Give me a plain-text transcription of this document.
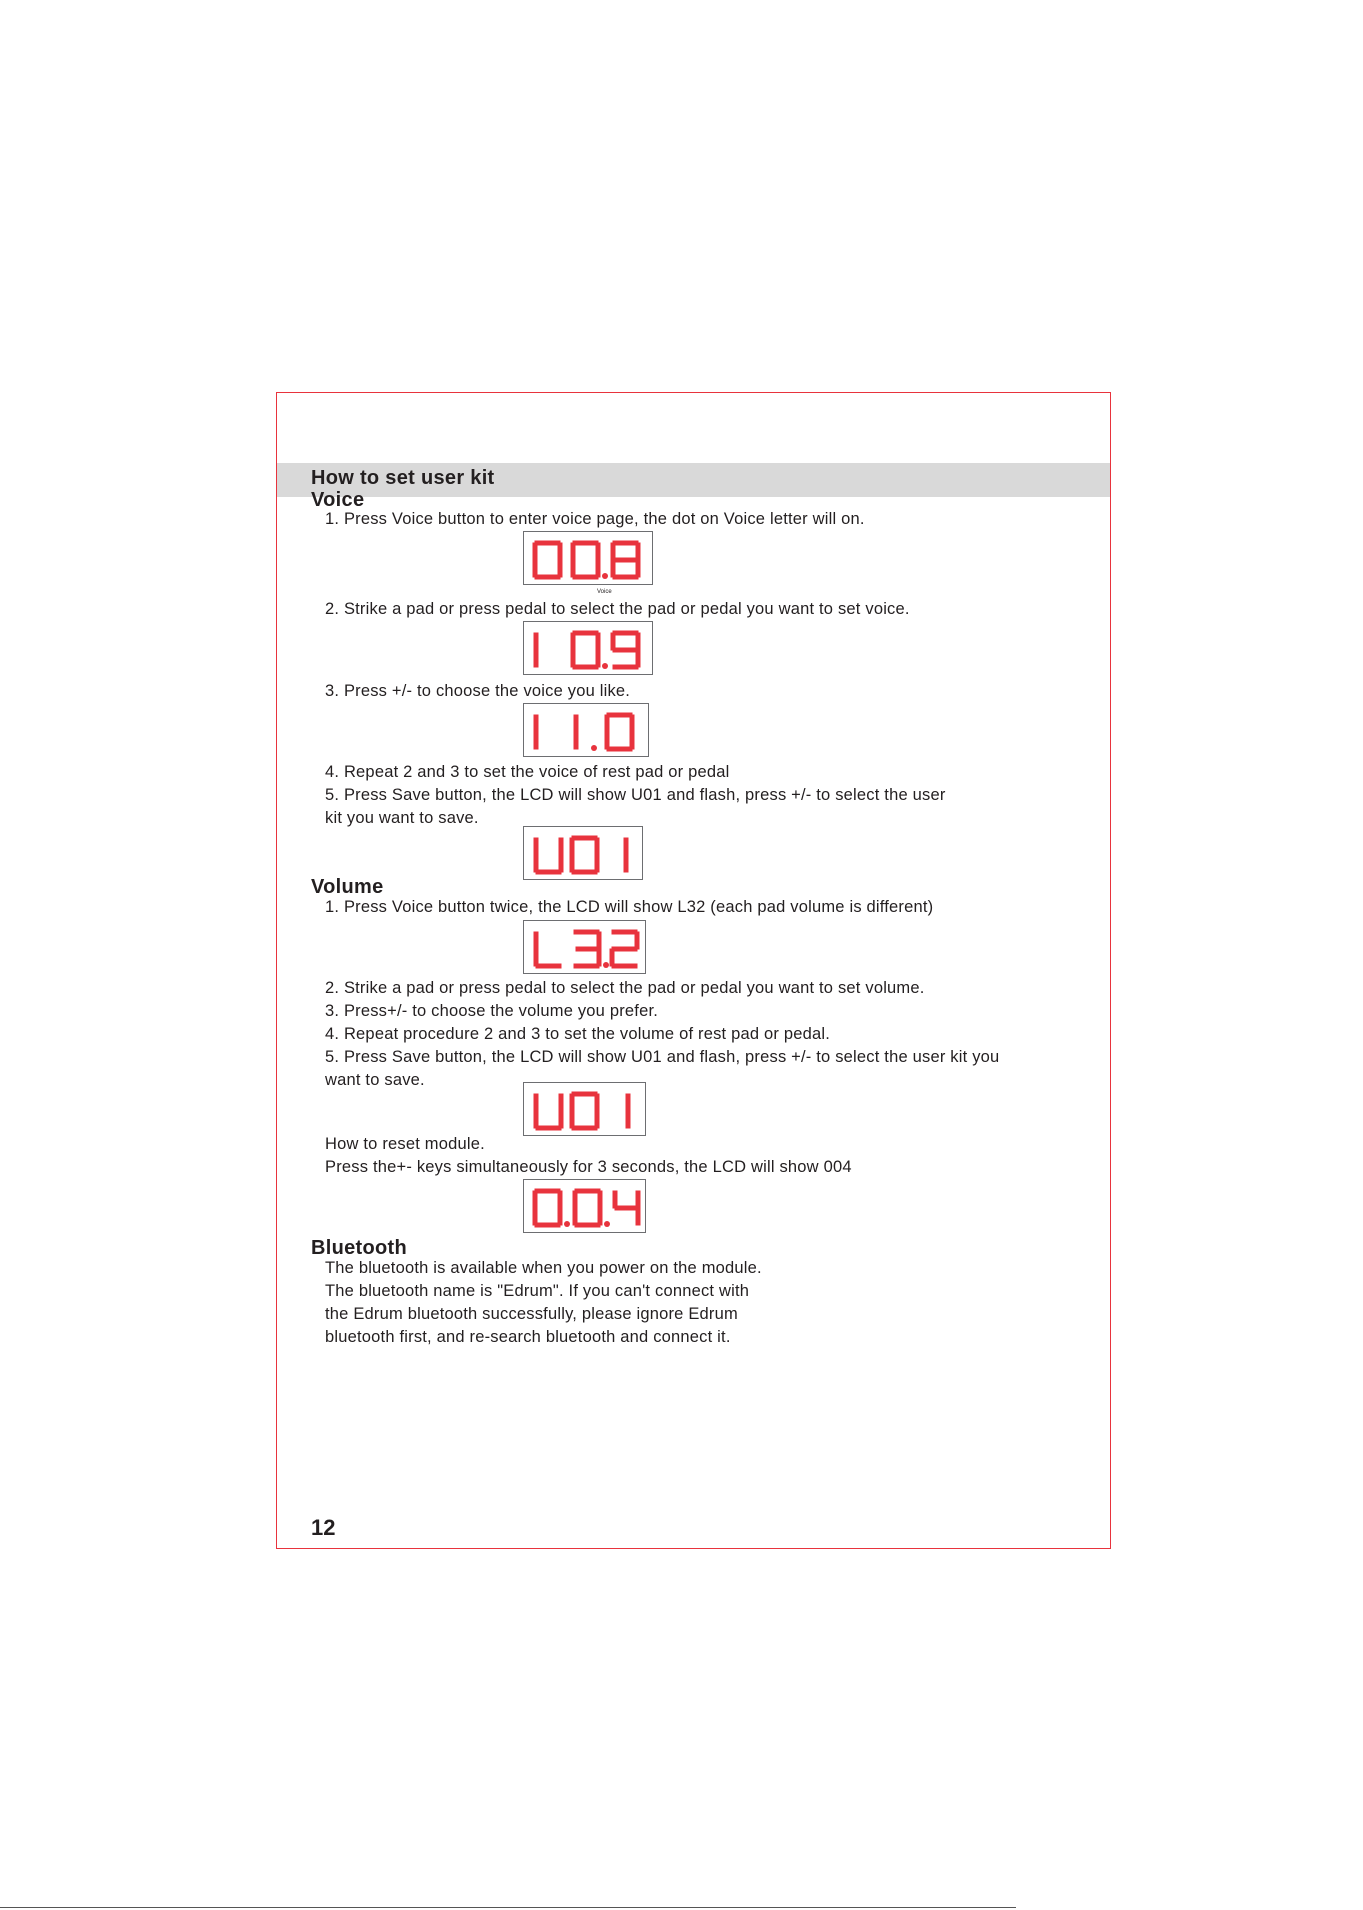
How to set user kit
Voice
1. Press Voice button to enter voice page, the dot on Voice letter will on.
Voice
2. Strike a pad or press pedal to select the pad or pedal you want to set voice.
3. Press +/- to choose the voice you like.
4. Repeat 2 and 3 to set the voice of rest pad or pedal
5. Press Save button, the LCD will show U01 and flash, press +/- to select the user
kit you want to save.
Volume
1. Press Voice button twice, the LCD will show L32 (each pad volume is different)
2. Strike a pad or press pedal to select the pad or pedal you want to set volume.
3. Press+/- to choose the volume you prefer.
4. Repeat procedure 2 and 3 to set the volume of rest pad or pedal.
5. Press Save button, the LCD will show U01 and flash, press +/- to select the user kit you
want to save.
How to reset module.
Press the+- keys simultaneously for 3 seconds, the LCD will show 004
Bluetooth
The bluetooth is available when you power on the module.
The bluetooth name is "Edrum". If you can't connect with
the Edrum bluetooth successfully, please ignore Edrum
bluetooth first, and re-search bluetooth and connect it.
12
